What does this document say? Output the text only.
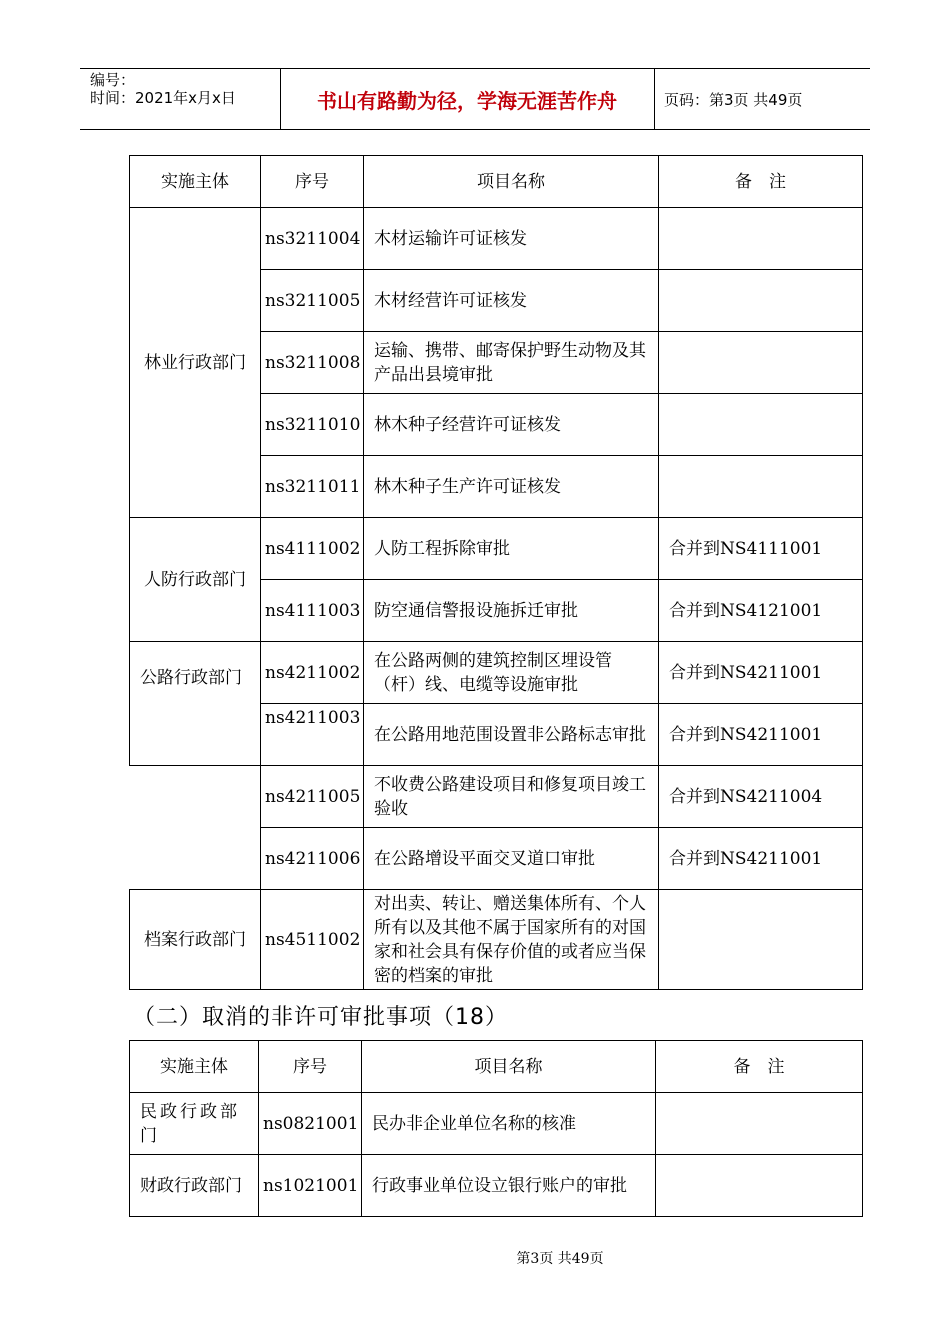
编号：
时间：2021年x月x日	书山有路勤为径，学海无涯苦作舟	页码：第3页 共49页
实施主体	序号	项目名称	备　注
林业行政部门	ns3211004	木材运输许可证核发	
	ns3211005	木材经营许可证核发	
	ns3211008	运输、携带、邮寄保护野生动物及其产品出县境审批	
	ns3211010	林木种子经营许可证核发	
	ns3211011	林木种子生产许可证核发	
人防行政部门	ns4111002	人防工程拆除审批	合并到NS4111001
	ns4111003	防空通信警报设施拆迁审批	合并到NS4121001
公路行政部门	ns4211002	在公路两侧的建筑控制区埋设管（杆）线、电缆等设施审批	合并到NS4211001
	ns4211003	在公路用地范围设置非公路标志审批	合并到NS4211001
	ns4211005	不收费公路建设项目和修复项目竣工验收	合并到NS4211004
	ns4211006	在公路增设平面交叉道口审批	合并到NS4211001
档案行政部门	ns4511002	对出卖、转让、赠送集体所有、个人所有以及其他不属于国家所有的对国家和社会具有保存价值的或者应当保密的档案的审批	
（二）取消的非许可审批事项（18）
实施主体	序号	项目名称	备　注
民政行政部门	ns0821001	民办非企业单位名称的核准	
财政行政部门	ns1021001	行政事业单位设立银行账户的审批	
第3页 共49页
